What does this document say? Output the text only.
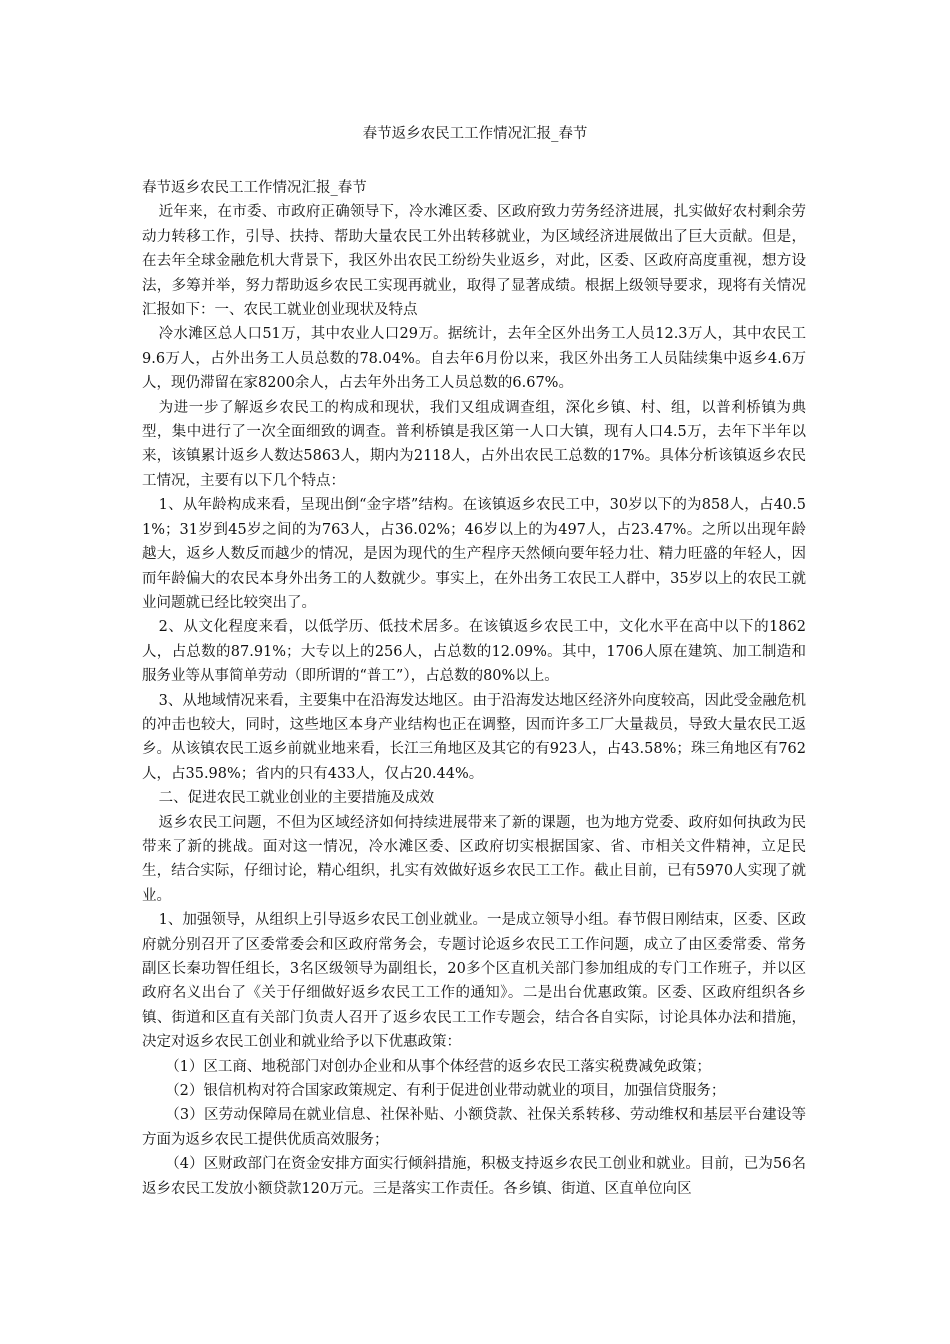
春节返乡农民工工作情况汇报_春节

春节返乡农民工工作情况汇报_春节

近年来，在市委、市政府正确领导下，冷水滩区委、区政府致力劳务经济进展，扎实做好农村剩余劳动力转移工作，引导、扶持、帮助大量农民工外出转移就业，为区域经济进展做出了巨大贡献。但是，在去年全球金融危机大背景下，我区外出农民工纷纷失业返乡，对此，区委、区政府高度重视，想方设法，多筹并举，努力帮助返乡农民工实现再就业，取得了显著成绩。根据上级领导要求，现将有关情况汇报如下：一、农民工就业创业现状及特点

冷水滩区总人口51万，其中农业人口29万。据统计，去年全区外出务工人员12.3万人，其中农民工9.6万人，占外出务工人员总数的78.04%。自去年6月份以来，我区外出务工人员陆续集中返乡4.6万人，现仍滞留在家8200余人，占去年外出务工人员总数的6.67%。

为进一步了解返乡农民工的构成和现状，我们又组成调查组，深化乡镇、村、组，以普利桥镇为典型，集中进行了一次全面细致的调查。普利桥镇是我区第一人口大镇，现有人口4.5万，去年下半年以来，该镇累计返乡人数达5863人，期内为2118人，占外出农民工总数的17%。具体分析该镇返乡农民工情况，主要有以下几个特点：

1、从年龄构成来看，呈现出倒“金字塔”结构。在该镇返乡农民工中，30岁以下的为858人，占40.51%；31岁到45岁之间的为763人，占36.02%；46岁以上的为497人，占23.47%。之所以出现年龄越大，返乡人数反而越少的情况，是因为现代的生产程序天然倾向要年轻力壮、精力旺盛的年轻人，因而年龄偏大的农民本身外出务工的人数就少。事实上，在外出务工农民工人群中，35岁以上的农民工就业问题就已经比较突出了。

2、从文化程度来看，以低学历、低技术居多。在该镇返乡农民工中，文化水平在高中以下的1862人，占总数的87.91%；大专以上的256人，占总数的12.09%。其中，1706人原在建筑、加工制造和服务业等从事简单劳动（即所谓的“普工”），占总数的80%以上。

3、从地域情况来看，主要集中在沿海发达地区。由于沿海发达地区经济外向度较高，因此受金融危机的冲击也较大，同时，这些地区本身产业结构也正在调整，因而许多工厂大量裁员，导致大量农民工返乡。从该镇农民工返乡前就业地来看，长江三角地区及其它的有923人，占43.58%；珠三角地区有762人，占35.98%；省内的只有433人，仅占20.44%。

二、促进农民工就业创业的主要措施及成效

返乡农民工问题，不但为区域经济如何持续进展带来了新的课题，也为地方党委、政府如何执政为民带来了新的挑战。面对这一情况，冷水滩区委、区政府切实根据国家、省、市相关文件精神，立足民生，结合实际，仔细讨论，精心组织，扎实有效做好返乡农民工工作。截止目前，已有5970人实现了就业。

1、加强领导，从组织上引导返乡农民工创业就业。一是成立领导小组。春节假日刚结束，区委、区政府就分别召开了区委常委会和区政府常务会，专题讨论返乡农民工工作问题，成立了由区委常委、常务副区长秦功智任组长，3名区级领导为副组长，20多个区直机关部门参加组成的专门工作班子，并以区政府名义出台了《关于仔细做好返乡农民工工作的通知》。二是出台优惠政策。区委、区政府组织各乡镇、街道和区直有关部门负责人召开了返乡农民工工作专题会，结合各自实际，讨论具体办法和措施，决定对返乡农民工创业和就业给予以下优惠政策：

（1）区工商、地税部门对创办企业和从事个体经营的返乡农民工落实税费减免政策；

（2）银信机构对符合国家政策规定、有利于促进创业带动就业的项目，加强信贷服务；

（3）区劳动保障局在就业信息、社保补贴、小额贷款、社保关系转移、劳动维权和基层平台建设等方面为返乡农民工提供优质高效服务；

（4）区财政部门在资金安排方面实行倾斜措施，积极支持返乡农民工创业和就业。目前，已为56名返乡农民工发放小额贷款120万元。三是落实工作责任。各乡镇、街道、区直单位向区
